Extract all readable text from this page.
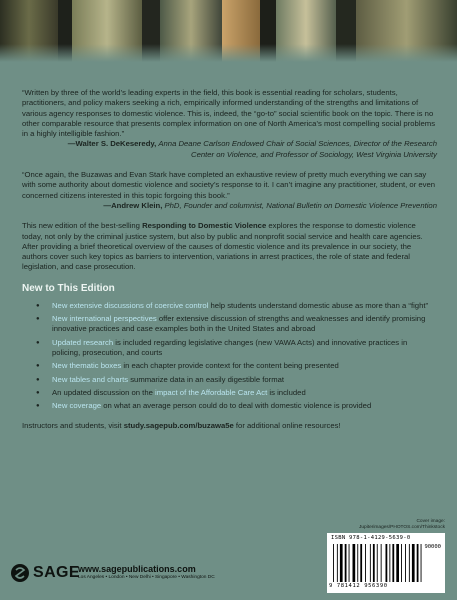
“Written by three of the world’s leading experts in the field, this book is essential reading for scholars, students, practitioners, and policy makers seeking a rich, empirically informed understanding of the strengths and limitations of various agency responses to domestic violence. This is, indeed, the “go-to” social scientific book on the topic. There is no other comparable resource that presents complex information on one of North America’s most compelling social problems in a highly intelligible fashion.”

—Walter S. DeKeseredy, Anna Deane Carlson Endowed Chair of Social Sciences, Director of the Research Center on Violence, and Professor of Sociology, West Virginia University

“Once again, the Buzawas and Evan Stark have completed an exhaustive review of pretty much everything we can say with some authority about domestic violence and society’s response to it. I can’t imagine any practitioner, student, or even concerned citizens interested in this topic forgoing this book.”

—Andrew Klein, PhD, Founder and columnist, National Bulletin on Domestic Violence Prevention

This new edition of the best-selling Responding to Domestic Violence explores the response to domestic violence today, not only by the criminal justice system, but also by public and nonprofit social service and health care agencies. After providing a brief theoretical overview of the causes of domestic violence and its prevalence in our society, the authors cover such key topics as barriers to intervention, variations in arrest practices, the role of state and federal legislation, and case prosecution.

New to This Edition
● New extensive discussions of coercive control help students understand domestic abuse as more than a “fight”
● New international perspectives offer extensive discussion of strengths and weaknesses and identify promising innovative practices and case examples both in the United States and abroad
● Updated research is included regarding legislative changes (new VAWA Acts) and innovative practices in policing, prosecution, and courts
● New thematic boxes in each chapter provide context for the content being presented
● New tables and charts summarize data in an easily digestible format
● An updated discussion on the impact of the Affordable Care Act is included
● New coverage on what an average person could do to deal with domestic violence is provided

Instructors and students, visit study.sagepub.com/buzawa5e for additional online resources!

Cover image:
Jupiterimages/PHOTOS.com/Thinkstock
ISBN 978-1-4129-5639-0
90000
9 781412 956390
SAGE
www.sagepublications.com
Los Angeles • London • New Delhi • Singapore • Washington DC
